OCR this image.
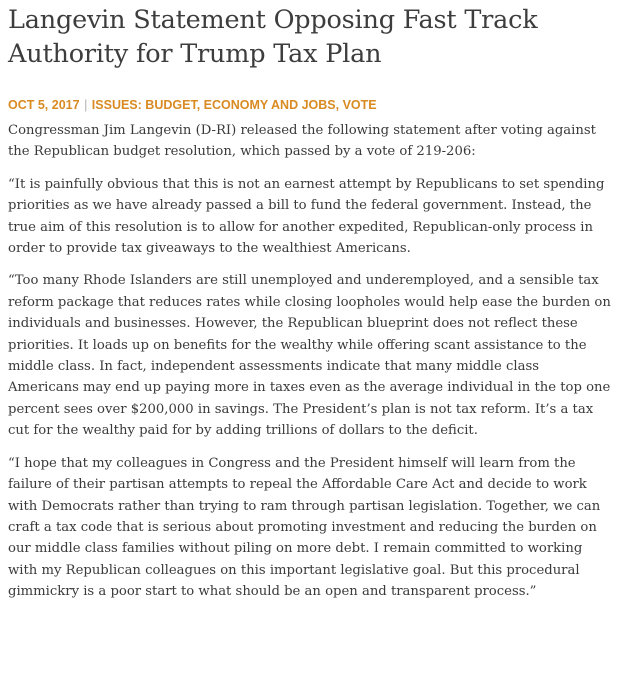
Langevin Statement Opposing Fast Track Authority for Trump Tax Plan
OCT 5, 2017 | ISSUES: BUDGET, ECONOMY AND JOBS, VOTE

Congressman Jim Langevin (D-RI) released the following statement after voting against the Republican budget resolution, which passed by a vote of 219-206:

“It is painfully obvious that this is not an earnest attempt by Republicans to set spending priorities as we have already passed a bill to fund the federal government. Instead, the true aim of this resolution is to allow for another expedited, Republican-only process in order to provide tax giveaways to the wealthiest Americans.

“Too many Rhode Islanders are still unemployed and underemployed, and a sensible tax reform package that reduces rates while closing loopholes would help ease the burden on individuals and businesses. However, the Republican blueprint does not reflect these priorities. It loads up on benefits for the wealthy while offering scant assistance to the middle class. In fact, independent assessments indicate that many middle class Americans may end up paying more in taxes even as the average individual in the top one percent sees over $200,000 in savings. The President’s plan is not tax reform. It’s a tax cut for the wealthy paid for by adding trillions of dollars to the deficit.

“I hope that my colleagues in Congress and the President himself will learn from the failure of their partisan attempts to repeal the Affordable Care Act and decide to work with Democrats rather than trying to ram through partisan legislation. Together, we can craft a tax code that is serious about promoting investment and reducing the burden on our middle class families without piling on more debt. I remain committed to working with my Republican colleagues on this important legislative goal. But this procedural gimmickry is a poor start to what should be an open and transparent process.”
